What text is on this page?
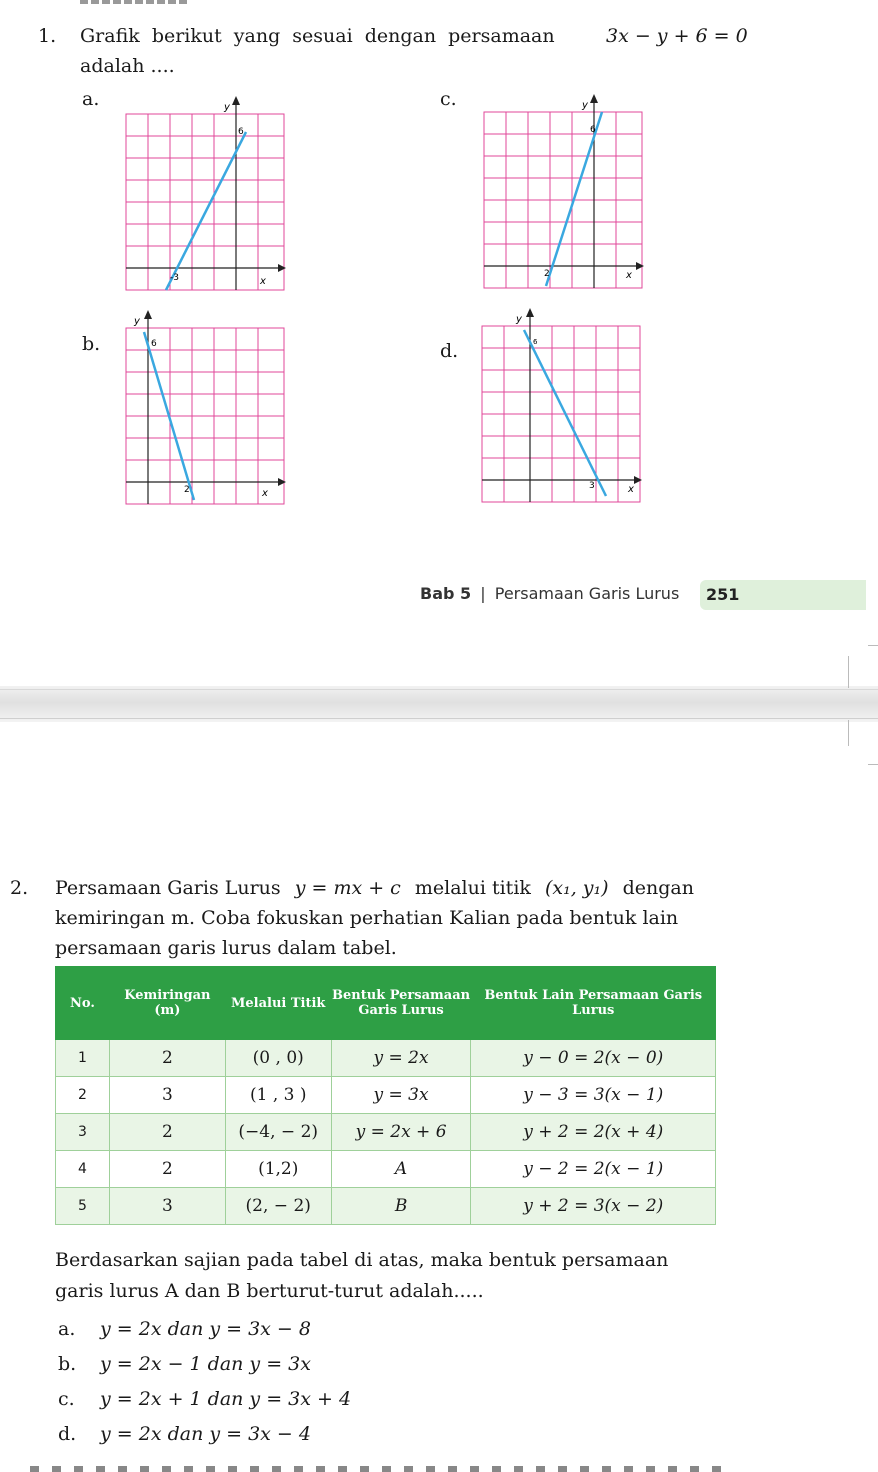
1. Grafik berikut yang sesuai dengan persamaan	3x − y + 6 = 0
adalah ....
a.
b.
c.
d.
y
x
6
-3
y
x
6
2
y
x
6
2
y
x
6
3
Bab 5 | Persamaan Garis Lurus 251
2. Persamaan Garis Lurus y = mx + c melalui titik (x₁, y₁) dengan
kemiringan m. Coba fokuskan perhatian Kalian pada bentuk lain
persamaan garis lurus dalam tabel.
No.	Kemiringan (m)	Melalui Titik	Bentuk Persamaan Garis Lurus	Bentuk Lain Persamaan Garis Lurus
1	2	(0 , 0)	y = 2x	y − 0 = 2(x − 0)
2	3	(1 , 3 )	y = 3x	y − 3 = 3(x − 1)
3	2	(−4, − 2)	y = 2x + 6	y + 2 = 2(x + 4)
4	2	(1,2)	A	y − 2 = 2(x − 1)
5	3	(2, − 2)	B	y + 2 = 3(x − 2)
Berdasarkan sajian pada tabel di atas, maka bentuk persamaan
garis lurus A dan B berturut-turut adalah.....
a. y = 2x dan y = 3x − 8
b. y = 2x − 1 dan y = 3x
c. y = 2x + 1 dan y = 3x + 4
d. y = 2x dan y = 3x − 4
